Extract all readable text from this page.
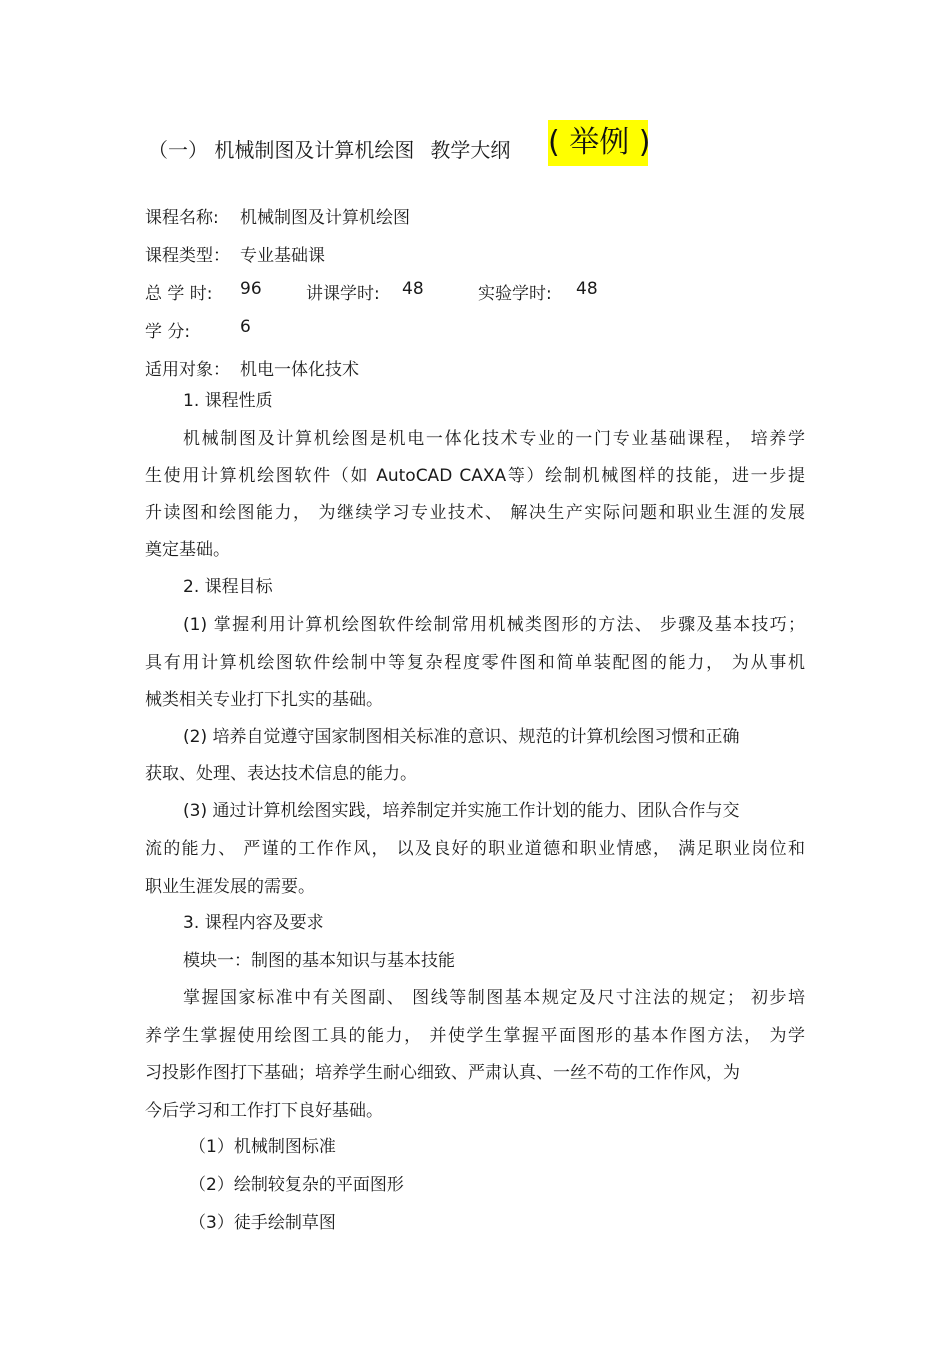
（一） 机械制图及计算机绘图 教学大纲 ( 举例 )
课程名称: 机械制图及计算机绘图
课程类型： 专业基础课
总 学 时: 96	讲课学时: 48	实验学时: 48
学 分:	6
适用对象： 机电一体化技术
1. 课程性质
机械制图及计算机绘图是机电一体化技术专业的一门专业基础课程， 培养学
生使用计算机绘图软件（如 AutoCAD CAXA等）绘制机械图样的技能，进一步提
升读图和绘图能力， 为继续学习专业技术、 解决生产实际问题和职业生涯的发展
奠定基础。
2. 课程目标
(1) 掌握利用计算机绘图软件绘制常用机械类图形的方法、 步骤及基本技巧；
具有用计算机绘图软件绘制中等复杂程度零件图和简单装配图的能力， 为从事机
械类相关专业打下扎实的基础。
(2) 培养自觉遵守国家制图相关标准的意识、规范的计算机绘图习惯和正确
获取、处理、表达技术信息的能力。
(3) 通过计算机绘图实践，培养制定并实施工作计划的能力、团队合作与交
流的能力、 严谨的工作作风， 以及良好的职业道德和职业情感， 满足职业岗位和
职业生涯发展的需要。
3. 课程内容及要求
模块一：制图的基本知识与基本技能
掌握国家标准中有关图副、 图线等制图基本规定及尺寸注法的规定； 初步培
养学生掌握使用绘图工具的能力， 并使学生掌握平面图形的基本作图方法， 为学
习投影作图打下基础；培养学生耐心细致、严肃认真、一丝不苟的工作作风，为
今后学习和工作打下良好基础。
（1）机械制图标准
（2）绘制较复杂的平面图形
（3）徒手绘制草图
